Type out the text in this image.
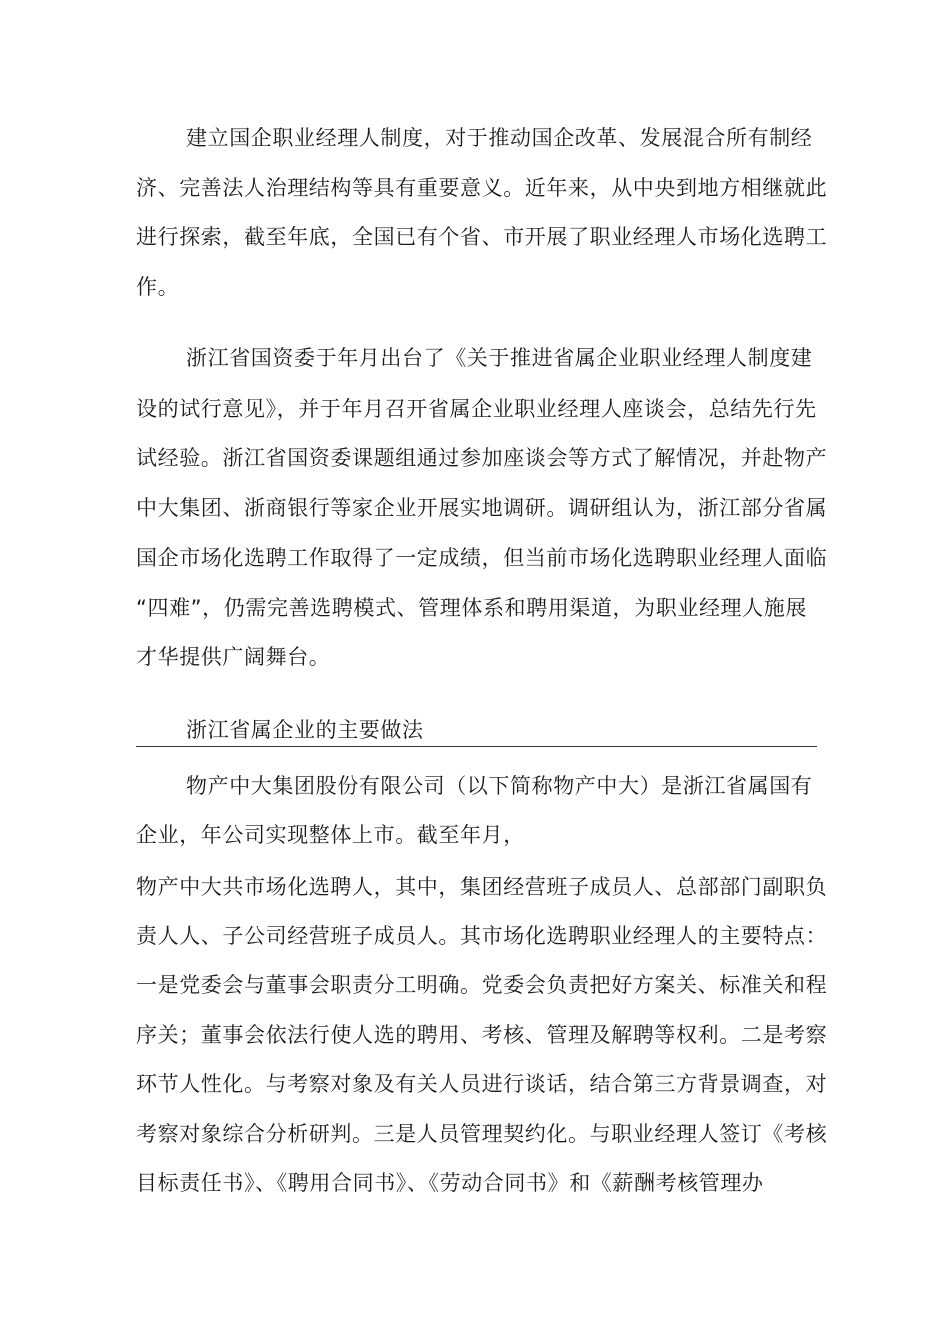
建立国企职业经理人制度，对于推动国企改革、发展混合所有制经
济、完善法人治理结构等具有重要意义。近年来，从中央到地方相继就此
进行探索，截至年底，全国已有个省、市开展了职业经理人市场化选聘工
作。
浙江省国资委于年月出台了《关于推进省属企业职业经理人制度建
设的试行意见》，并于年月召开省属企业职业经理人座谈会，总结先行先
试经验。浙江省国资委课题组通过参加座谈会等方式了解情况，并赴物产
中大集团、浙商银行等家企业开展实地调研。调研组认为，浙江部分省属
国企市场化选聘工作取得了一定成绩，但当前市场化选聘职业经理人面临
“四难”，仍需完善选聘模式、管理体系和聘用渠道，为职业经理人施展
才华提供广阔舞台。
浙江省属企业的主要做法
物产中大集团股份有限公司（以下简称物产中大）是浙江省属国有
企业，年公司实现整体上市。截至年月，
物产中大共市场化选聘人，其中，集团经营班子成员人、总部部门副职负
责人人、子公司经营班子成员人。其市场化选聘职业经理人的主要特点：
一是党委会与董事会职责分工明确。党委会负责把好方案关、标准关和程
序关；董事会依法行使人选的聘用、考核、管理及解聘等权利。二是考察
环节人性化。与考察对象及有关人员进行谈话，结合第三方背景调查，对
考察对象综合分析研判。三是人员管理契约化。与职业经理人签订《考核
目标责任书》、《聘用合同书》、《劳动合同书》和《薪酬考核管理办
